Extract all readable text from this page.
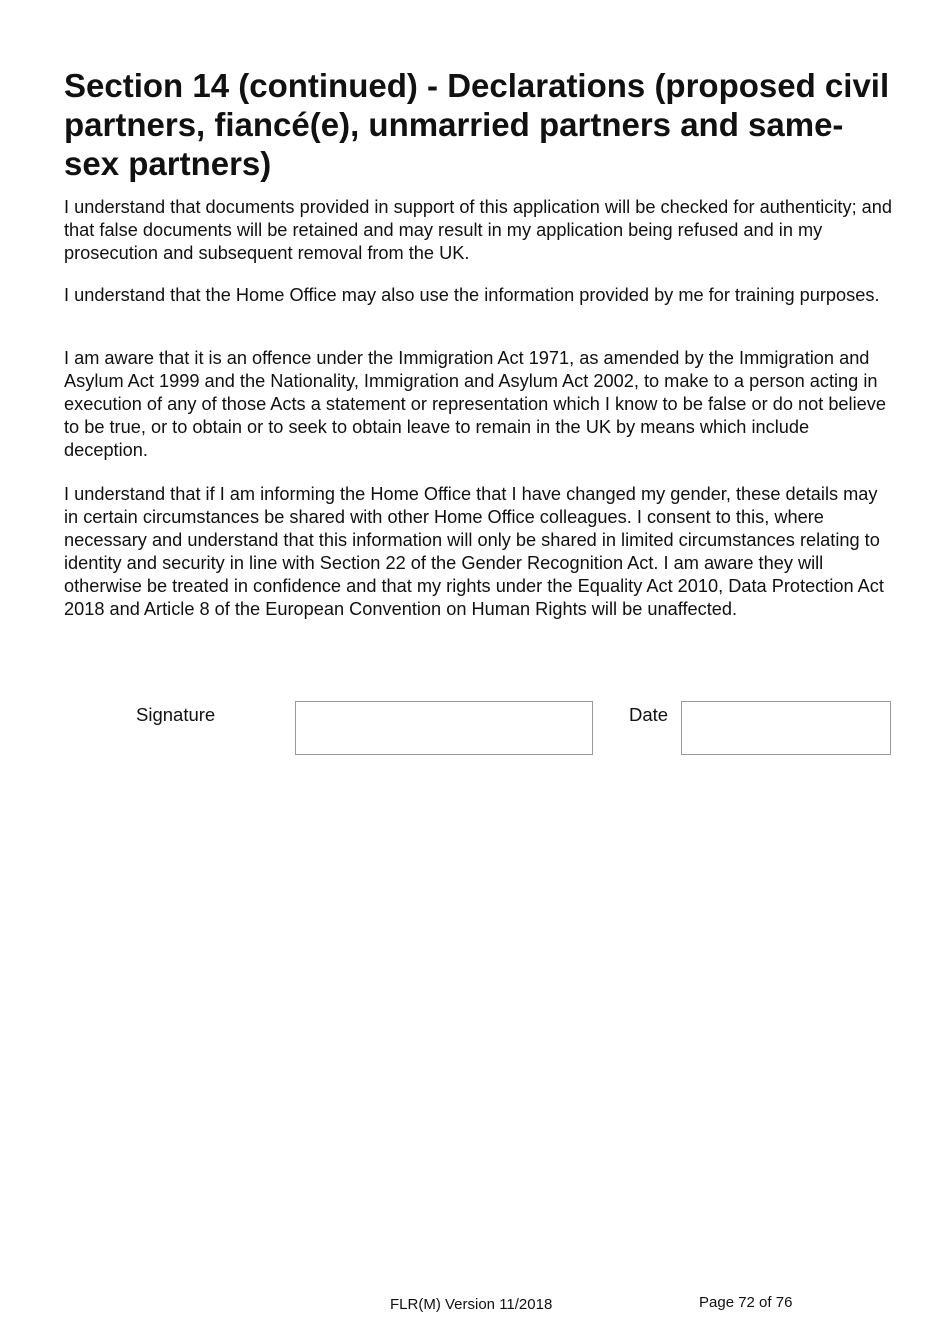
Section 14 (continued) - Declarations (proposed civil partners, fiancé(e), unmarried partners and same-sex partners)

I understand that documents provided in support of this application will be checked for authenticity; and that false documents will be retained and may result in my application being refused and in my prosecution and subsequent removal from the UK.

I understand that the Home Office may also use the information provided by me for training purposes.

I am aware that it is an offence under the Immigration Act 1971, as amended by the Immigration and Asylum Act 1999 and the Nationality, Immigration and Asylum Act 2002, to make to a person acting in execution of any of those Acts a statement or representation which I know to be false or do not believe to be true, or to obtain or to seek to obtain leave to remain in the UK by means which include deception.

I understand that if I am informing the Home Office that I have changed my gender, these details may in certain circumstances be shared with other Home Office colleagues. I consent to this, where necessary and understand that this information will only be shared in limited circumstances relating to identity and security in line with Section 22 of the Gender Recognition Act. I am aware they will otherwise be treated in confidence and that my rights under the Equality Act 2010, Data Protection Act 2018 and Article 8 of the European Convention on Human Rights will be unaffected.

Signature	Date
FLR(M) Version 11/2018	Page 72 of 76
